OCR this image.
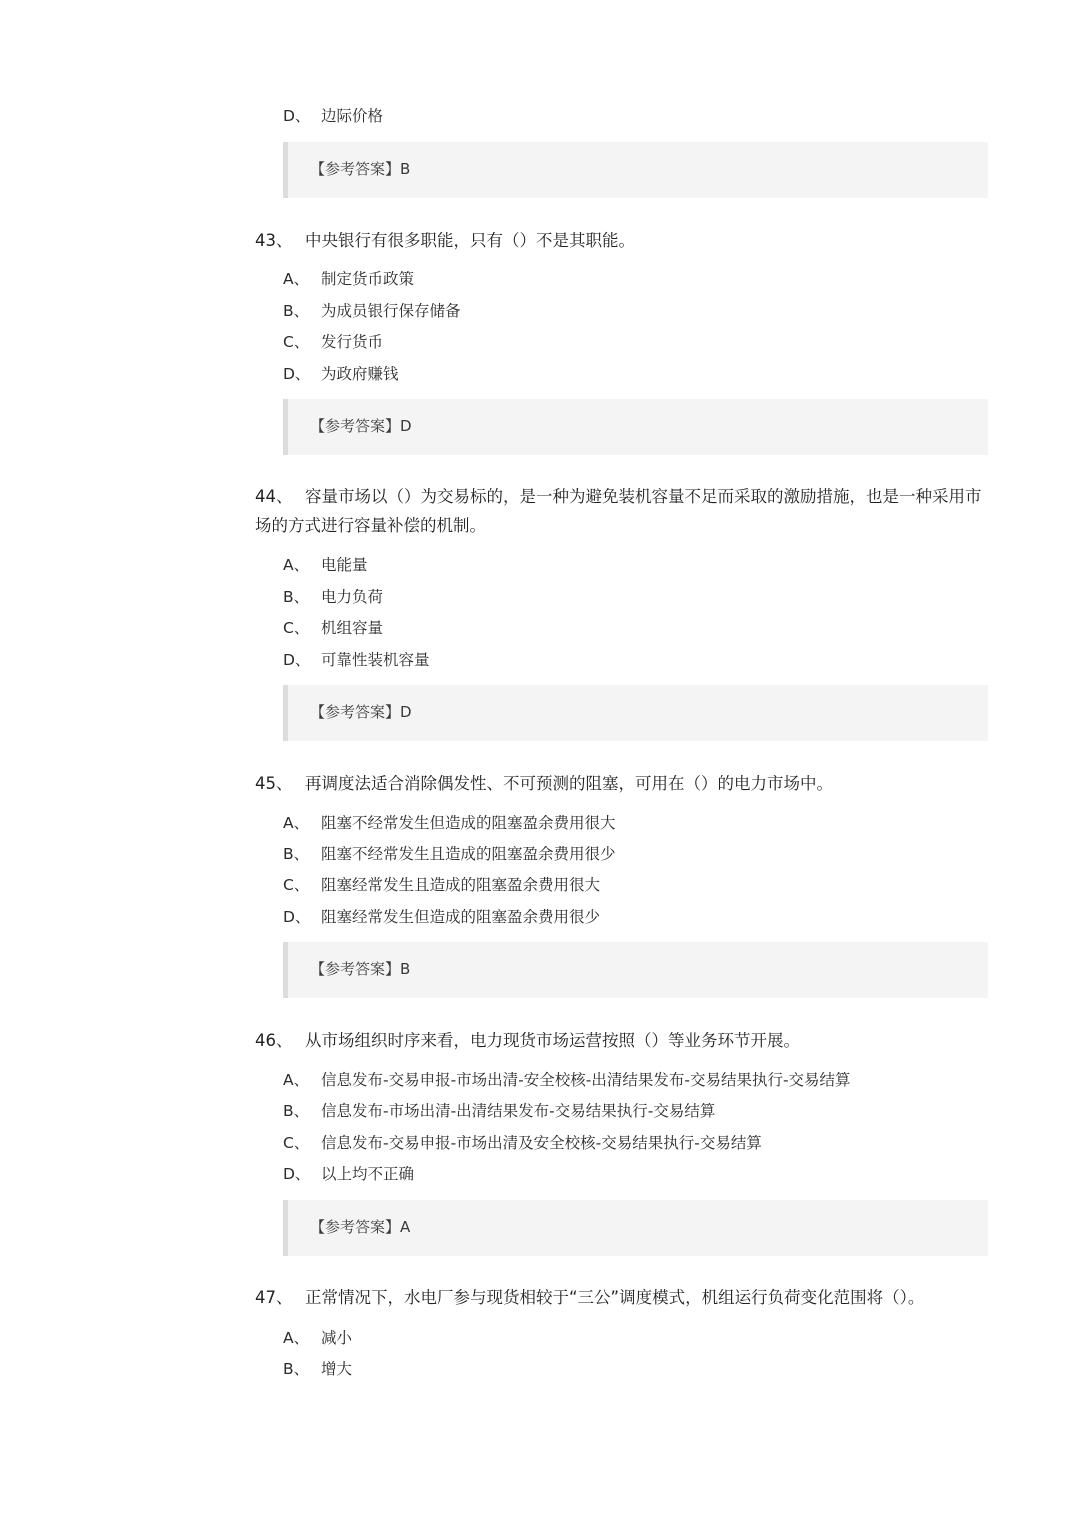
D、 边际价格
【参考答案】B
43、 中央银行有很多职能，只有（）不是其职能。
A、 制定货币政策
B、 为成员银行保存储备
C、 发行货币
D、 为政府赚钱
【参考答案】D
44、 容量市场以（）为交易标的，是一种为避免装机容量不足而采取的激励措施，也是一种采用市场的方式进行容量补偿的机制。
A、 电能量
B、 电力负荷
C、 机组容量
D、 可靠性装机容量
【参考答案】D
45、 再调度法适合消除偶发性、不可预测的阻塞，可用在（）的电力市场中。
A、 阻塞不经常发生但造成的阻塞盈余费用很大
B、 阻塞不经常发生且造成的阻塞盈余费用很少
C、 阻塞经常发生且造成的阻塞盈余费用很大
D、 阻塞经常发生但造成的阻塞盈余费用很少
【参考答案】B
46、 从市场组织时序来看，电力现货市场运营按照（）等业务环节开展。
A、 信息发布-交易申报-市场出清-安全校核-出清结果发布-交易结果执行-交易结算
B、 信息发布-市场出清-出清结果发布-交易结果执行-交易结算
C、 信息发布-交易申报-市场出清及安全校核-交易结果执行-交易结算
D、 以上均不正确
【参考答案】A
47、 正常情况下，水电厂参与现货相较于“三公”调度模式，机组运行负荷变化范围将（）。
A、 减小
B、 增大
